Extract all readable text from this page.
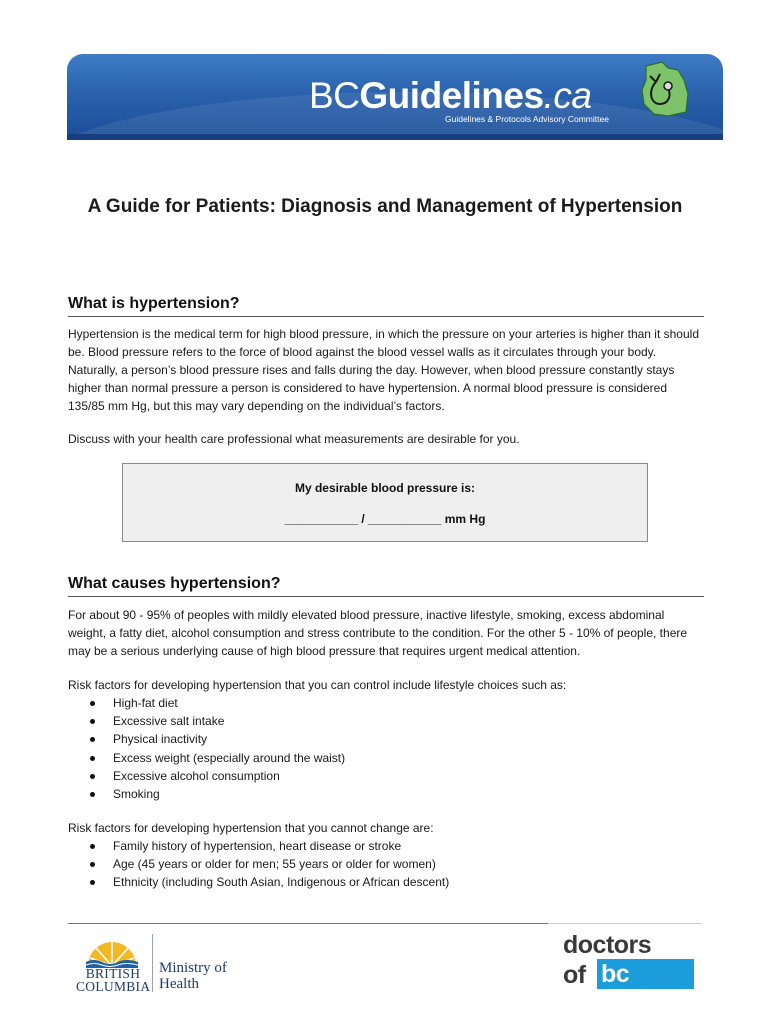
BCGuidelines.ca
Guidelines & Protocols Advisory Committee
A Guide for Patients: Diagnosis and Management of Hypertension
What is hypertension?
Hypertension is the medical term for high blood pressure, in which the pressure on your arteries is higher than it should be. Blood pressure refers to the force of blood against the blood vessel walls as it circulates through your body. Naturally, a person’s blood pressure rises and falls during the day. However, when blood pressure constantly stays higher than normal pressure a person is considered to have hypertension. A normal blood pressure is considered 135/85 mm Hg, but this may vary depending on the individual’s factors.
Discuss with your health care professional what measurements are desirable for you.
My desirable blood pressure is:
___________ / ___________ mm Hg
What causes hypertension?
For about 90 - 95% of peoples with mildly elevated blood pressure, inactive lifestyle, smoking, excess abdominal weight, a fatty diet, alcohol consumption and stress contribute to the condition. For the other 5 - 10% of people, there may be a serious underlying cause of high blood pressure that requires urgent medical attention.
Risk factors for developing hypertension that you can control include lifestyle choices such as:
High-fat diet
Excessive salt intake
Physical inactivity
Excess weight (especially around the waist)
Excessive alcohol consumption
Smoking
Risk factors for developing hypertension that you cannot change are:
Family history of hypertension, heart disease or stroke
Age (45 years or older for men; 55 years or older for women)
Ethnicity (including South Asian, Indigenous or African descent)
BRITISH
COLUMBIA
Ministry of
Health
doctors
of bc
